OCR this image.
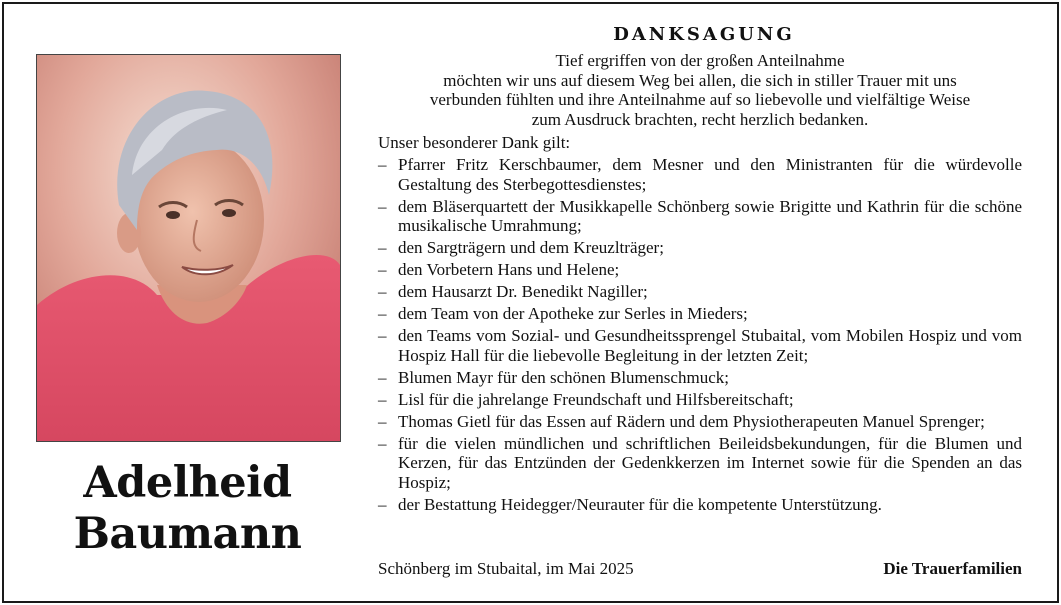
Adelheid
Baumann
DANKSAGUNG

Tief ergriffen von der großen Anteilnahme
möchten wir uns auf diesem Weg bei allen, die sich in stiller Trauer mit uns
verbunden fühlten und ihre Anteilnahme auf so liebevolle und vielfältige Weise
zum Ausdruck brachten, recht herzlich bedanken.

Unser besonderer Dank gilt:

– Pfarrer Fritz Kerschbaumer, dem Mesner und den Ministranten für die würdevolle Gestaltung des Sterbegottesdienstes;
– dem Bläserquartett der Musikkapelle Schönberg sowie Brigitte und Kathrin für die schöne musikalische Umrahmung;
– den Sargträgern und dem Kreuzlträger;
– den Vorbetern Hans und Helene;
– dem Hausarzt Dr. Benedikt Nagiller;
– dem Team von der Apotheke zur Serles in Mieders;
– den Teams vom Sozial- und Gesundheitssprengel Stubaital, vom Mobilen Hospiz und vom Hospiz Hall für die liebevolle Begleitung in der letzten Zeit;
– Blumen Mayr für den schönen Blumenschmuck;
– Lisl für die jahrelange Freundschaft und Hilfsbereitschaft;
– Thomas Gietl für das Essen auf Rädern und dem Physiotherapeuten Manuel Sprenger;
– für die vielen mündlichen und schriftlichen Beileidsbekundungen, für die Blumen und Kerzen, für das Entzünden der Gedenkkerzen im Internet sowie für die Spenden an das Hospiz;
– der Bestattung Heidegger/Neurauter für die kompetente Unterstützung.
Schönberg im Stubaital, im Mai 2025	Die Trauerfamilien
